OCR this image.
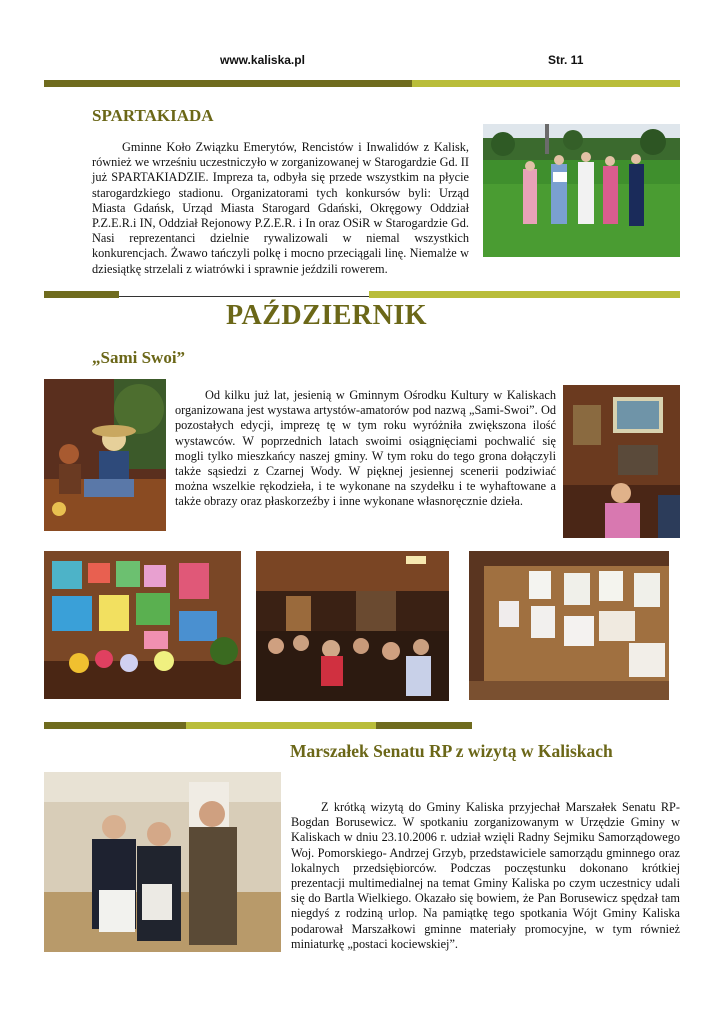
www.kaliska.pl	Str. 11
SPARTAKIADA

Gminne Koło Związku Emerytów, Rencistów i Inwalidów z Kalisk, również we wrześniu uczestniczyło w zorganizowanej w Starogardzie Gd. II już SPARTAKIADZIE. Impreza ta, odbyła się przede wszystkim na płycie starogardzkiego stadionu. Organizatorami tych konkursów byli: Urząd Miasta Gdańsk, Urząd Miasta Starogard Gdański, Okręgowy Oddział P.Z.E.R.i IN, Oddział Rejonowy P.Z.E.R. i In oraz OSiR w Starogardzie Gd. Nasi reprezentanci dzielnie rywalizowali w niemal wszystkich konkurencjach. Żwawo tańczyli polkę i mocno przeciągali linę. Niemalże w dziesiątkę strzelali z wiatrówki i sprawnie jeździli rowerem.

PAŹDZIERNIK
„Sami Swoi”

Od kilku już lat, jesienią w Gminnym Ośrodku Kultury w Kaliskach organizowana jest wystawa artystów-amatorów pod nazwą „Sami-Swoi”. Od pozostałych edycji, imprezę tę w tym roku wyróżniła zwiększona ilość wystawców. W poprzednich latach swoimi osiągnięciami pochwalić się mogli tylko mieszkańcy naszej gminy. W tym roku do tego grona dołączyli także sąsiedzi z Czarnej Wody. W pięknej jesiennej scenerii podziwiać można wszelkie rękodzieła, i te wykonane na szydełku i te wyhaftowane a także obrazy oraz płaskorzeźby i inne wykonane własnoręcznie dzieła.

Marszałek Senatu RP z wizytą w Kaliskach

Z krótką wizytą do Gminy Kaliska przyjechał Marszałek Senatu RP- Bogdan Borusewicz. W spotkaniu zorganizowanym w Urzędzie Gminy w Kaliskach w dniu 23.10.2006 r. udział wzięli Radny Sejmiku Samorządowego Woj. Pomorskiego- Andrzej Grzyb, przedstawiciele samorządu gminnego oraz lokalnych przedsiębiorców. Podczas poczęstunku dokonano krótkiej prezentacji multimedialnej na temat Gminy Kaliska po czym uczestnicy udali się do Bartla Wielkiego. Okazało się bowiem, że Pan Borusewicz spędzał tam niegdyś z rodziną urlop. Na pamiątkę tego spotkania Wójt Gminy Kaliska podarował Marszałkowi gminne materiały promocyjne, w tym również miniaturkę „postaci kociewskiej”.
